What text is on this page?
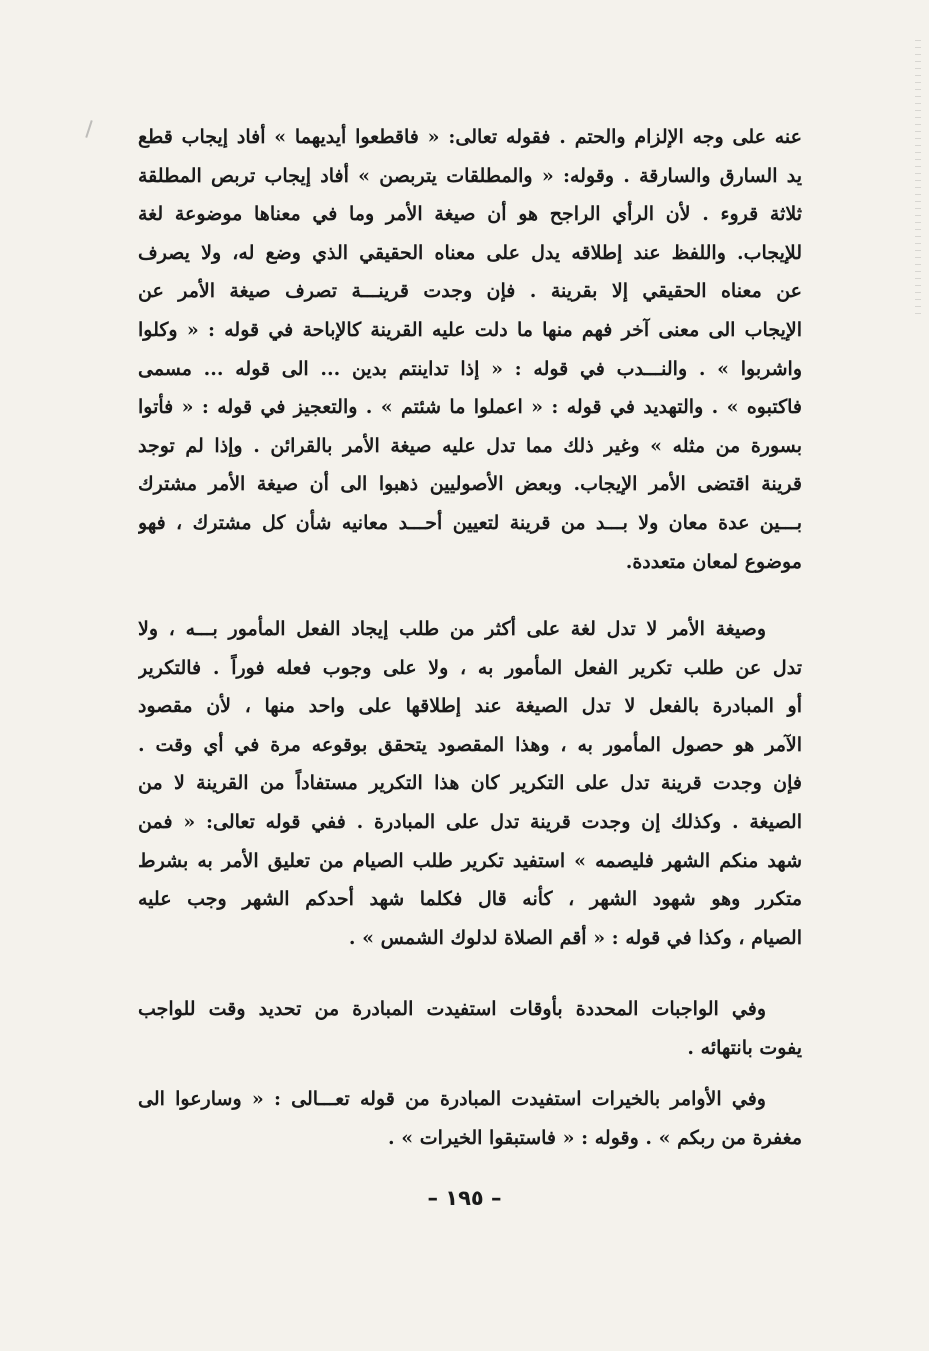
عنه على وجه الإلزام والحتم . فقوله تعالى: « فاقطعوا أيديهما » أفاد إيجاب قطع
يد السارق والسارقة . وقوله: « والمطلقات يتربصن » أفاد إيجاب تربص المطلقة
ثلاثة قروء . لأن الرأي الراجح هو أن صيغة الأمر وما في معناها موضوعة لغة
للإيجاب. واللفظ عند إطلاقه يدل على معناه الحقيقي الذي وضع له، ولا يصرف
عن معناه الحقيقي إلا بقرينة . فإن وجدت قرينـــة تصرف صيغة الأمر عن
الإيجاب الى معنى آخر فهم منها ما دلت عليه القرينة كالإباحة في قوله : « وكلوا
واشربوا » . والنـــدب في قوله : « إذا تداينتم بدين ... الى قوله ... مسمى
فاكتبوه » . والتهديد في قوله : « اعملوا ما شئتم » . والتعجيز في قوله : « فأتوا
بسورة من مثله » وغير ذلك مما تدل عليه صيغة الأمر بالقرائن . وإذا لم توجد
قرينة اقتضى الأمر الإيجاب. وبعض الأصوليين ذهبوا الى أن صيغة الأمر مشترك
بـــين عدة معان ولا بـــد من قرينة لتعيين أحـــد معانيه شأن كل مشترك ، فهو
موضوع لمعان متعددة.
وصيغة الأمر لا تدل لغة على أكثر من طلب إيجاد الفعل المأمور بـــه ، ولا
تدل عن طلب تكرير الفعل المأمور به ، ولا على وجوب فعله فوراً . فالتكرير
أو المبادرة بالفعل لا تدل الصيغة عند إطلاقها على واحد منها ، لأن مقصود
الآمر هو حصول المأمور به ، وهذا المقصود يتحقق بوقوعه مرة في أي وقت .
فإن وجدت قرينة تدل على التكرير كان هذا التكرير مستفاداً من القرينة لا من
الصيغة . وكذلك إن وجدت قرينة تدل على المبادرة . ففي قوله تعالى: « فمن
شهد منكم الشهر فليصمه » استفيد تكرير طلب الصيام من تعليق الأمر به بشرط
متكرر وهو شهود الشهر ، كأنه قال فكلما شهد أحدكم الشهر وجب عليه
الصيام ، وكذا في قوله : « أقم الصلاة لدلوك الشمس » .
وفي الواجبات المحددة بأوقات استفيدت المبادرة من تحديد وقت للواجب
يفوت بانتهائه .
وفي الأوامر بالخيرات استفيدت المبادرة من قوله تعـــالى : « وسارعوا الى
مغفرة من ربكم » . وقوله : « فاستبقوا الخيرات » .
– ١٩٥ –
